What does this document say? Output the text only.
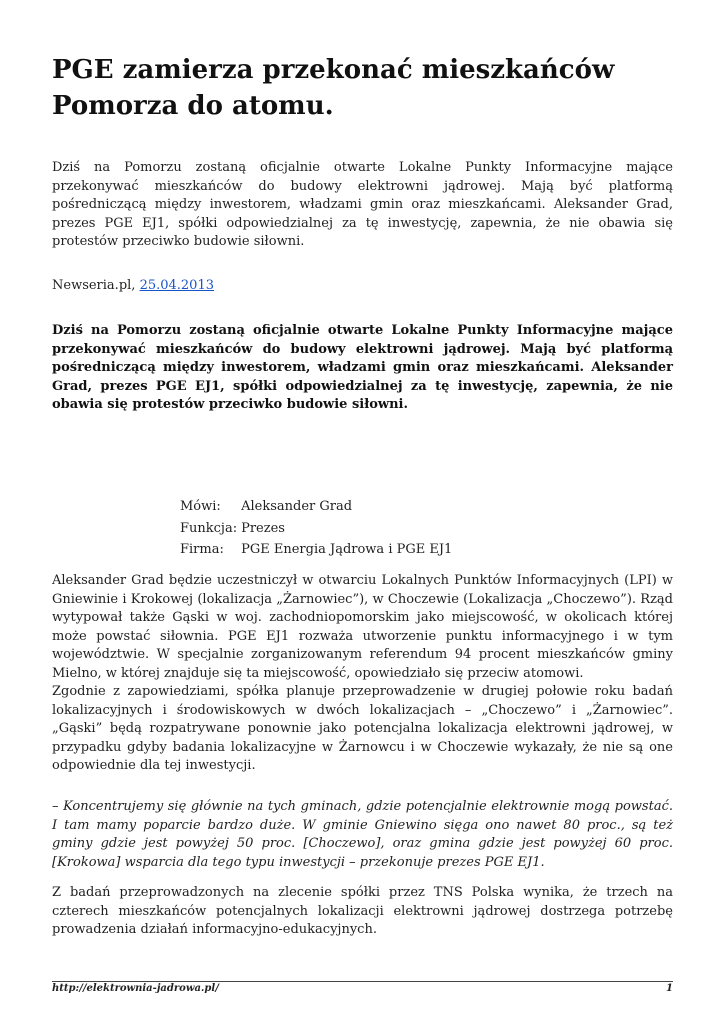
PGE zamierza przekonać mieszkańców Pomorza do atomu.

Dziś na Pomorzu zostaną oficjalnie otwarte Lokalne Punkty Informacyjne mające przekonywać mieszkańców do budowy elektrowni jądrowej. Mają być platformą pośredniczącą między inwestorem, władzami gmin oraz mieszkańcami. Aleksander Grad, prezes PGE EJ1, spółki odpowiedzialnej za tę inwestycję, zapewnia, że nie obawia się protestów przeciwko budowie siłowni.

Newseria.pl, 25.04.2013

Dziś na Pomorzu zostaną oficjalnie otwarte Lokalne Punkty Informacyjne mające przekonywać mieszkańców do budowy elektrowni jądrowej. Mają być platformą pośredniczącą między inwestorem, władzami gmin oraz mieszkańcami. Aleksander Grad, prezes PGE EJ1, spółki odpowiedzialnej za tę inwestycję, zapewnia, że nie obawia się protestów przeciwko budowie siłowni.

Mówi:	Aleksander Grad
Funkcja:	Prezes
Firma:	PGE Energia Jądrowa i PGE EJ1

Aleksander Grad będzie uczestniczył w otwarciu Lokalnych Punktów Informacyjnych (LPI) w Gniewinie i Krokowej (lokalizacja „Żarnowiec”), w Choczewie (Lokalizacja „Choczewo”). Rząd wytypował także Gąski w woj. zachodniopomorskim jako miejscowość, w okolicach której może powstać siłownia. PGE EJ1 rozważa utworzenie punktu informacyjnego i w tym województwie. W specjalnie zorganizowanym referendum 94 procent mieszkańców gminy Mielno, w której znajduje się ta miejscowość, opowiedziało się przeciw atomowi.

Zgodnie z zapowiedziami, spółka planuje przeprowadzenie w drugiej połowie roku badań lokalizacyjnych i środowiskowych w dwóch lokalizacjach – „Choczewo” i „Żarnowiec”. „Gąski” będą rozpatrywane ponownie jako potencjalna lokalizacja elektrowni jądrowej, w przypadku gdyby badania lokalizacyjne w Żarnowcu i w Choczewie wykazały, że nie są one odpowiednie dla tej inwestycji.

– Koncentrujemy się głównie na tych gminach, gdzie potencjalnie elektrownie mogą powstać. I tam mamy poparcie bardzo duże. W gminie Gniewino sięga ono nawet 80 proc., są też gminy gdzie jest powyżej 50 proc. [Choczewo], oraz gmina gdzie jest powyżej 60 proc. [Krokowa] wsparcia dla tego typu inwestycji – przekonuje prezes PGE EJ1.

Z badań przeprowadzonych na zlecenie spółki przez TNS Polska wynika, że trzech na czterech mieszkańców potencjalnych lokalizacji elektrowni jądrowej dostrzega potrzebę prowadzenia działań informacyjno-edukacyjnych.

http://elektrownia-jadrowa.pl/	1
